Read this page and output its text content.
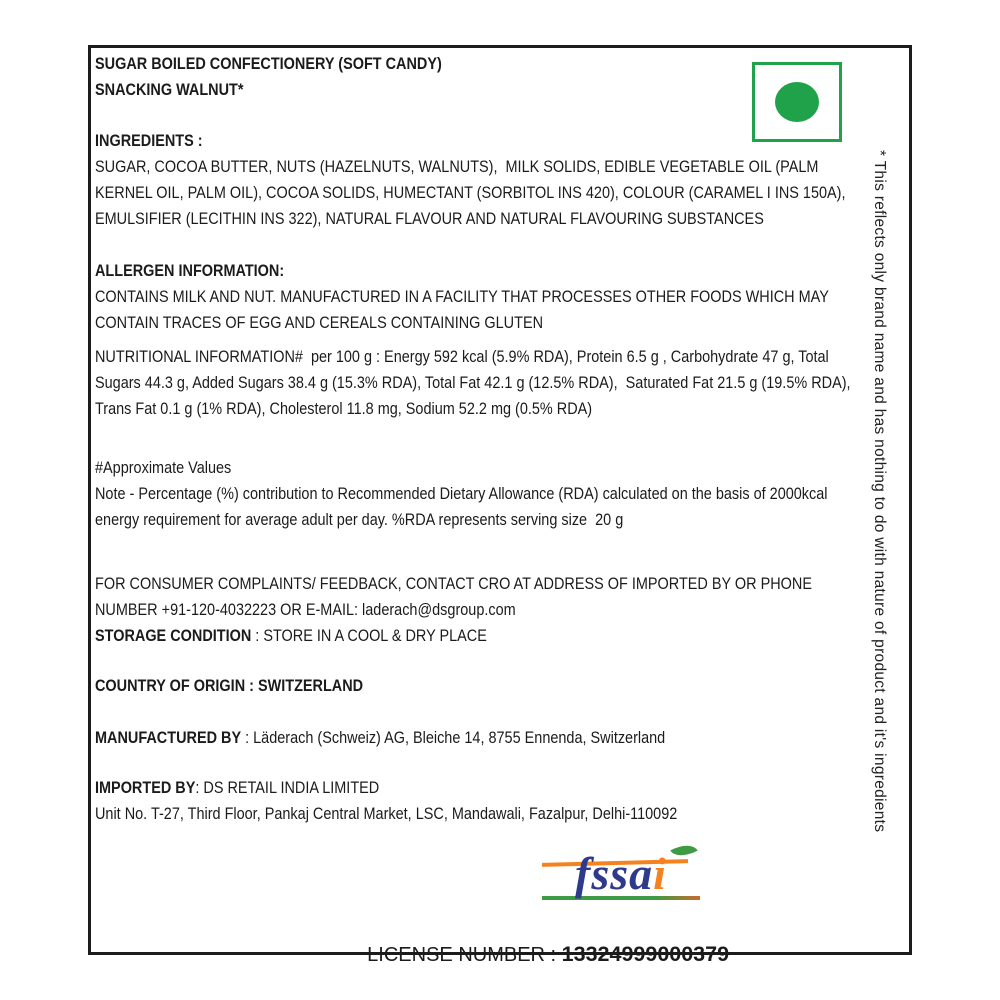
SUGAR BOILED CONFECTIONERY (SOFT CANDY)
SNACKING WALNUT*
INGREDIENTS :
SUGAR, COCOA BUTTER, NUTS (HAZELNUTS, WALNUTS),  MILK SOLIDS, EDIBLE VEGETABLE OIL (PALM KERNEL OIL, PALM OIL), COCOA SOLIDS, HUMECTANT (SORBITOL INS 420), COLOUR (CARAMEL I INS 150A), EMULSIFIER (LECITHIN INS 322), NATURAL FLAVOUR AND NATURAL FLAVOURING SUBSTANCES
ALLERGEN INFORMATION:
CONTAINS MILK AND NUT. MANUFACTURED IN A FACILITY THAT PROCESSES OTHER FOODS WHICH MAY CONTAIN TRACES OF EGG AND CEREALS CONTAINING GLUTEN
NUTRITIONAL INFORMATION#  per 100 g : Energy 592 kcal (5.9% RDA), Protein 6.5 g , Carbohydrate 47 g, Total Sugars 44.3 g, Added Sugars 38.4 g (15.3% RDA), Total Fat 42.1 g (12.5% RDA),  Saturated Fat 21.5 g (19.5% RDA), Trans Fat 0.1 g (1% RDA), Cholesterol 11.8 mg, Sodium 52.2 mg (0.5% RDA)
#Approximate Values
Note - Percentage (%) contribution to Recommended Dietary Allowance (RDA) calculated on the basis of 2000kcal energy requirement for average adult per day. %RDA represents serving size  20 g
FOR CONSUMER COMPLAINTS/ FEEDBACK, CONTACT CRO AT ADDRESS OF IMPORTED BY OR PHONE NUMBER +91-120-4032223 OR E-MAIL: laderach@dsgroup.com
STORAGE CONDITION : STORE IN A COOL & DRY PLACE
COUNTRY OF ORIGIN : SWITZERLAND
MANUFACTURED BY : Läderach (Schweiz) AG, Bleiche 14, 8755 Ennenda, Switzerland
IMPORTED BY: DS RETAIL INDIA LIMITED
Unit No. T-27, Third Floor, Pankaj Central Market, LSC, Mandawali, Fazalpur, Delhi-110092	* This reflects only brand name and has nothing to do with nature of product and it's ingredients
fssai

LICENSE NUMBER : 13324999000379
